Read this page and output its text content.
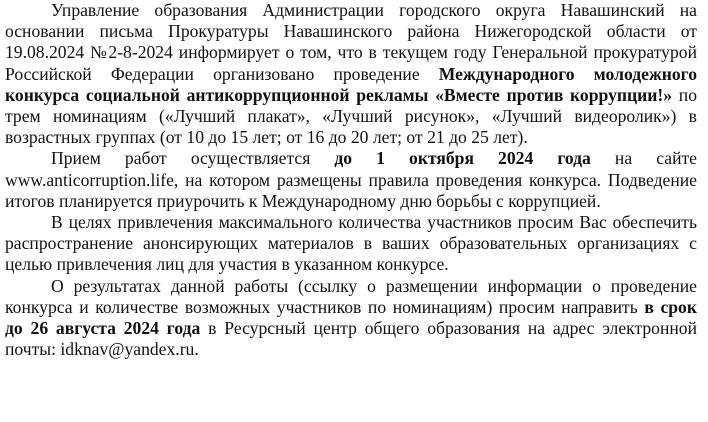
Управление образования Администрации городского округа Навашинский на основании письма Прокуратуры Навашинского района Нижегородской области от 19.08.2024 №2-8-2024 информирует о том, что в текущем году Генеральной прокуратурой Российской Федерации организовано проведение Международного молодежного конкурса социальной антикоррупционной рекламы «Вместе против коррупции!» по трем номинациям («Лучший плакат», «Лучший рисунок», «Лучший видеоролик») в возрастных группах (от 10 до 15 лет; от 16 до 20 лет; от 21 до 25 лет).

Прием работ осуществляется до 1 октября 2024 года на сайте www.anticorruption.life, на котором размещены правила проведения конкурса. Подведение итогов планируется приурочить к Международному дню борьбы с коррупцией.

В целях привлечения максимального количества участников просим Вас обеспечить распространение анонсирующих материалов в ваших образовательных организациях с целью привлечения лиц для участия в указанном конкурсе.

О результатах данной работы (ссылку о размещении информации о проведение конкурса и количестве возможных участников по номинациям) просим направить в срок до 26 августа 2024 года в Ресурсный центр общего образования на адрес электронной почты: idknav@yandex.ru.
